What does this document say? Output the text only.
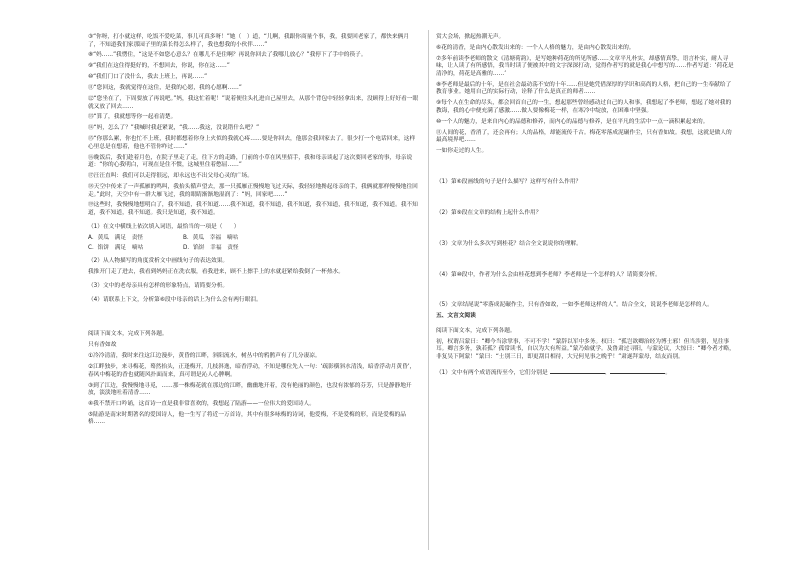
③“你呀，打小就这样，吃饭不爱吃菜，事儿可真多呀！”她（　）道，“儿啊，我跟你商量个事，我，我要回老家了，都快来俩月了，不知道我们家那园子里的菜长得怎么样了，我也想我的小伙伴……”

⑧“妈……”我愣住，“这是不如您心意么？在哪儿不是住啊？再说你回去了我哪儿放心？”我停下了手中的筷子。

⑨“我们在这住得挺好的，不想回去，你说，你在这……”

⑩“我们门口了没什么，我去上班上，再说……”

⑪“您回这，我就觉得在这住，是我的心愿，我的心愿啊……”

⑫“您坐在了，下周要放了再说吧。”妈，我这忙着呢！”说着便往头扎进自己屋里去，从那个背包中轻轻拿出来，没顾得上好好看一眼就又放了回去……

⑬“算了，我就想等你一起看清楚。

⑭“妈，怎么了？”我喊时我赶紧说，“我……我这，没说错什么吧？”

⑮“你那么累，你也忙不上班，我时都想着你身上火似的我就心疼……要是你回去，他那会我回家去了。很少打一个电话回来，这样心里总是在想着，他也不管你咋过……”

⑯晚饭后，我们趁着月色，在院子里走了走，往下方的走路，门前的小草在风里招手，我和母亲谈起了这次要回老家的事，母亲说道：“你的心我明白，可现在是住不惯，这城里住着憋屈……”

⑰汪汪直叫：我们可以走得很远，却永远也不出父母心灵的广场。

⑱天空中传来了一声孤雁的鸣叫，我抬头循声望去，那一只孤雁正慢慢地飞过天际，我轻轻地搀起母亲的手，我俩就那样慢慢地往回走。”此时，天空中有一群大雁飞过，我的眼睛渐渐地湿润了：“妈，回家吧……”

⑲这些时，我慢慢地想明白了，我不知道，我不知道……我不知道，我不知道，我不知道，我不知道，我不知道，我不知道。我不知道，我不知道，我不知道。我只是知道，我不知道。

（1）在文中横线上依次填入词语，最恰当的一项是（　　）

A．黄瓜　满足　责怪	B．黄瓜　幸福　嘀咕
C．馅饼　满足　嘀咕	D．馅饼　幸福　责怪

（2）从人物描写的角度赏析文中画线句子的表达效果。

我推开门走了进去，我看到妈妈正在洗衣服，看我进来，顾不上擦手上的水就赶紧给我倒了一杯热水。

（3）文中的老母亲具有怎样的形象特点，请简要分析。

（4）请联系上下文，分析第⑥段中母亲的话上为什么会有两行眼泪。

阅读下面文本，完成下列各题。

只有香如故

①冷冷清清，我时来往这江边漫步，黄昏的江畔，斜阳流水，树丛中的鸦鹊声有了几分凄凉。

②江畔独步，来寻梅花，蓦然抬头，正逢梅开，几枝斜逸，暗香浮动，不知是哪位先人一句：‘疏影横斜水清浅，暗香浮动月黄昏’，春风中梅花的香也就随风扑面而来，真可谓是沁人心脾啊。

③到了江边，我慢慢地寻觅，……那一株梅花就在那边的江畔，幽幽地开着，没有艳丽的颜色，也没有浓郁的芬芳，只是静静地开放，淡淡地吐着清香……

④我不禁开口吟诵，这首诗一直是我非常喜欢的，我想起了陆游——一位伟大的爱国诗人。

⑤陆游是南宋时期著名的爱国诗人，他一生写了将近一万首诗，其中有很多咏梅的诗词，他爱梅，不是爱梅的形，而是爱梅的品格……

赏大会场，掀起热潮无声。

⑥花的清香，是由内心散发出来的：一个人人格的魅力，是由内心散发出来的。

⑦多年前读李老师的散文《清塘荷韵》，是写她种荷花的所见所感……文章平凡朴实，却感情真挚，语言朴实，耐人寻味，让人读了有所感悟，我当时读了便被其中的文字深深打动，觉得作者写的就是我心中想写的……作者写道：‘荷花是清净的，荷花是高雅的……’

⑧李老师是最后的十年，是在社会最动荡不安的十年……但是她凭借深厚的学识和高尚的人格，把自己的一生奉献给了教育事业。她用自己的实际行动，诠释了什么是真正的师者……

⑨每个人在生命的尽头，都会回首自己的一生，想起那些曾经感动过自己的人和事，我想起了李老师，想起了她对我的教诲，我的心中便充满了感激……做人要像梅花一样，在寒冷中绽放，在困难中坚强。

⑩一个人的魅力，是来自内心的品德和修养，而内心的品德与修养，是在平凡的生活中一点一滴积累起来的。

⑪人间的花，香消了，还会再有；人的品格，却能流传千古。梅花零落成泥碾作尘，只有香如故。我想，这就是做人的最高境界吧……

一如你走过的人生。

（1）第⑥段画线的句子是什么描写？这样写有什么作用？

（2）第⑨段在文章的结构上起什么作用？

（3）文章为什么多次写到桂花？结合全文说说你的理解。

（4）第⑩段中，作者为什么会由桂花想到李老师？李老师是一个怎样的人？请简要分析。

（5）文章结尾说“零落成泥碾作尘，只有香如故，一如李老师这样的人”。结合全文，说说李老师是怎样的人。

五、文言文阅读

阅读下面文本，完成下列各题。

初，权谓吕蒙曰：“卿今当涂掌事，不可不学！”蒙辞以军中多务。权曰：“孤岂欲卿治经为博士邪！但当涉猎，见往事耳。卿言多务，孰若孤？孤常读书，自以为大有所益。”蒙乃始就学。及鲁肃过寻阳，与蒙论议，大惊曰：“卿今者才略，非复吴下阿蒙！”蒙曰：“士别三日，即更刮目相待，大兄何见事之晚乎！”肃遂拜蒙母，结友而别。

（1）文中有两个成语流传至今，它们分别是	、	。
